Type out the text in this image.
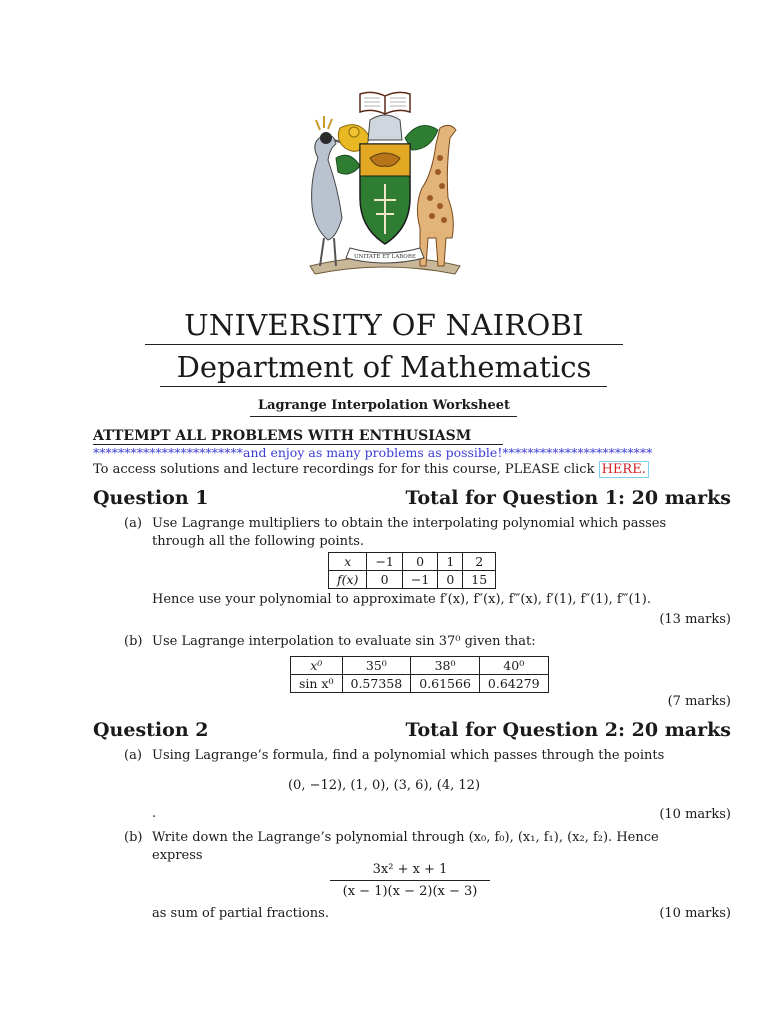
UNITATE ET LABORE
UNIVERSITY OF NAIROBI
Department of Mathematics
Lagrange Interpolation Worksheet
ATTEMPT ALL PROBLEMS WITH ENTHUSIASM
************************and enjoy as many problems as possible!************************
To access solutions and lecture recordings for for this course, PLEASE click HERE.
Question 1	Total for Question 1: 20 marks
(a) Use Lagrange multipliers to obtain the interpolating polynomial which passes
through all the following points.
x	−1	0	1	2
f(x)	0	−1	0	15
Hence use your polynomial to approximate f′(x), f″(x), f‴(x), f′(1), f″(1), f‴(1).
(13 marks)
(b) Use Lagrange interpolation to evaluate sin 37⁰ given that:
x⁰	35⁰	38⁰	40⁰
sin x⁰	0.57358	0.61566	0.64279
(7 marks)
Question 2	Total for Question 2: 20 marks
(a) Using Lagrange’s formula, find a polynomial which passes through the points
(0, −12), (1, 0), (3, 6), (4, 12)
.	(10 marks)
(b) Write down the Lagrange’s polynomial through (x₀, f₀), (x₁, f₁), (x₂, f₂). Hence
express
$\frac{\text{3x² + x + 1}}{(x - 1)(x - 2)(x - 3)}$
as sum of partial fractions.	(10 marks)
